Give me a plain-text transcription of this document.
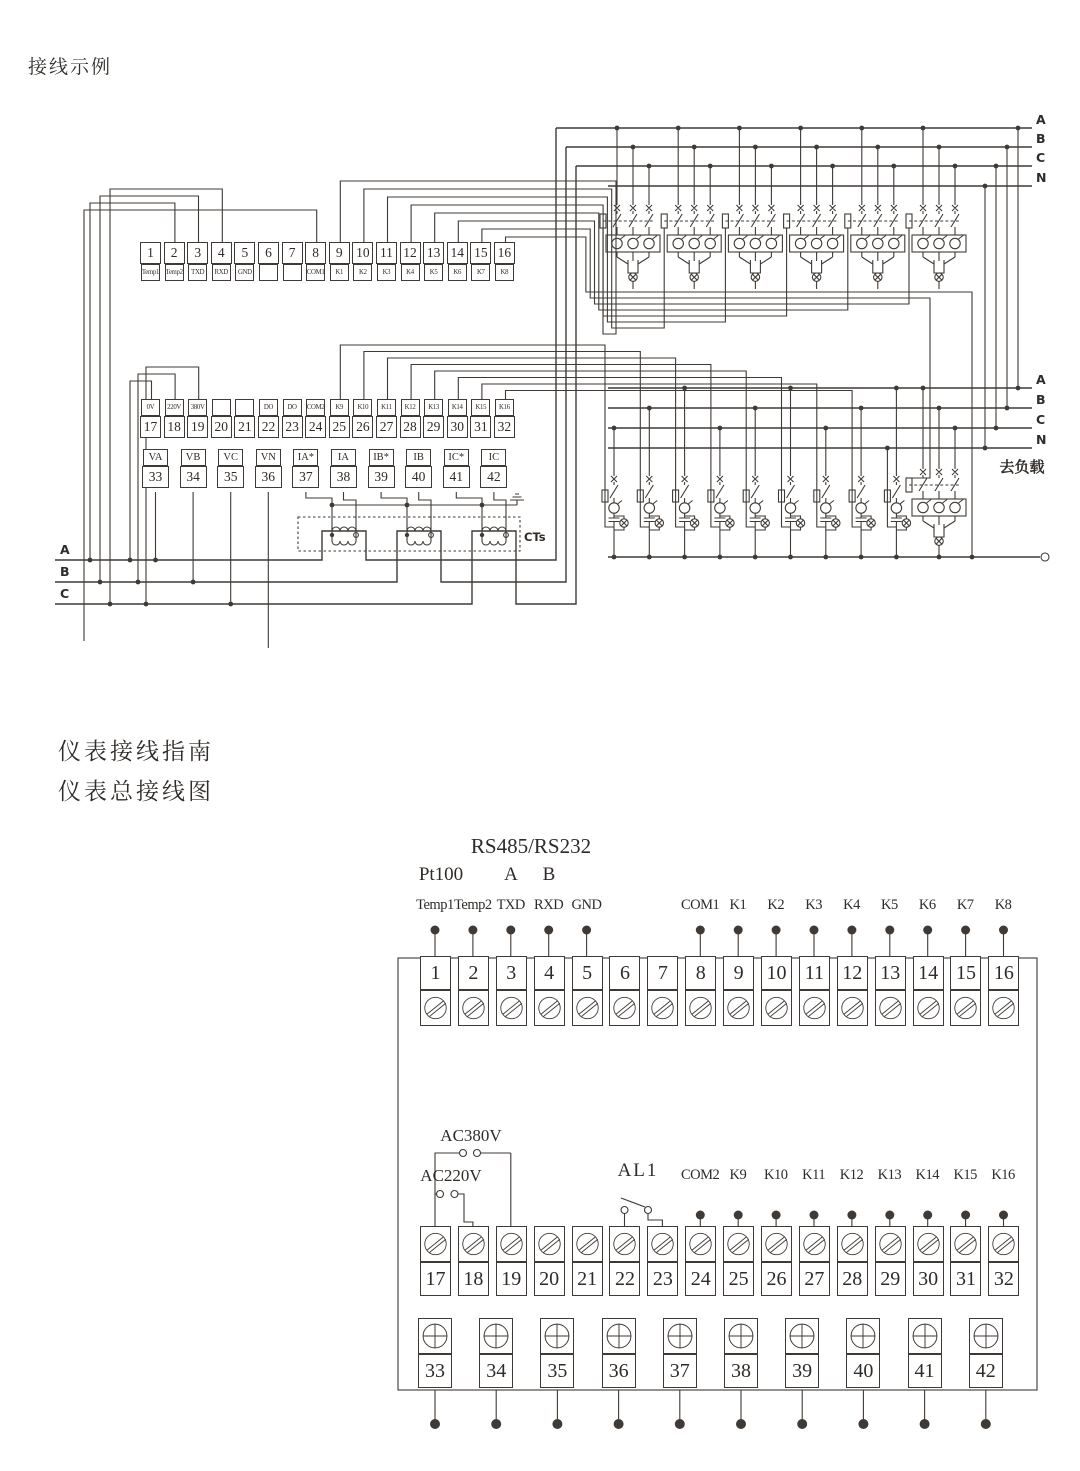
接线示例
A
B
C
N
A
B
C
N
去负载
A
B
C
CTs
1
Temp1
2
Temp2
3
TXD
4
RXD
5
GND
6	7	8
COM1
9
K1
10
K2
11
K3
12
K4
13
K5
14
K6
15
K7
16
K8
0V
17
220V
18
380V
19 20 21
DO
22
DO
23
COM2
24
K9
25
K10
26
K11
27
K12
28
K13
29
K14
30
K15
31
K16
32
VA
33
VB
34
VC
35
VN
36
IA*
37
IA
38
IB*
39
IB
40
IC*
41
IC
42
仪表接线指南
仪表总接线图
RS485/RS232
Pt100 A B
Temp1 Temp2 TXD RXD GND	COM1 K1	K2	K3	K4	K5	K6	K7	K8
AC380V
AC220V	AL1 COM2 K9	K10	K11	K12 K13 K14 K15 K16
1	2	3	4	5	6	7	8	9	10 11 12 13 14 15 16
17 18 19 20 21 22 23 24 25 26 27 28 29 30 31 32
33	34	35	36	37	38	39	40	41	42
